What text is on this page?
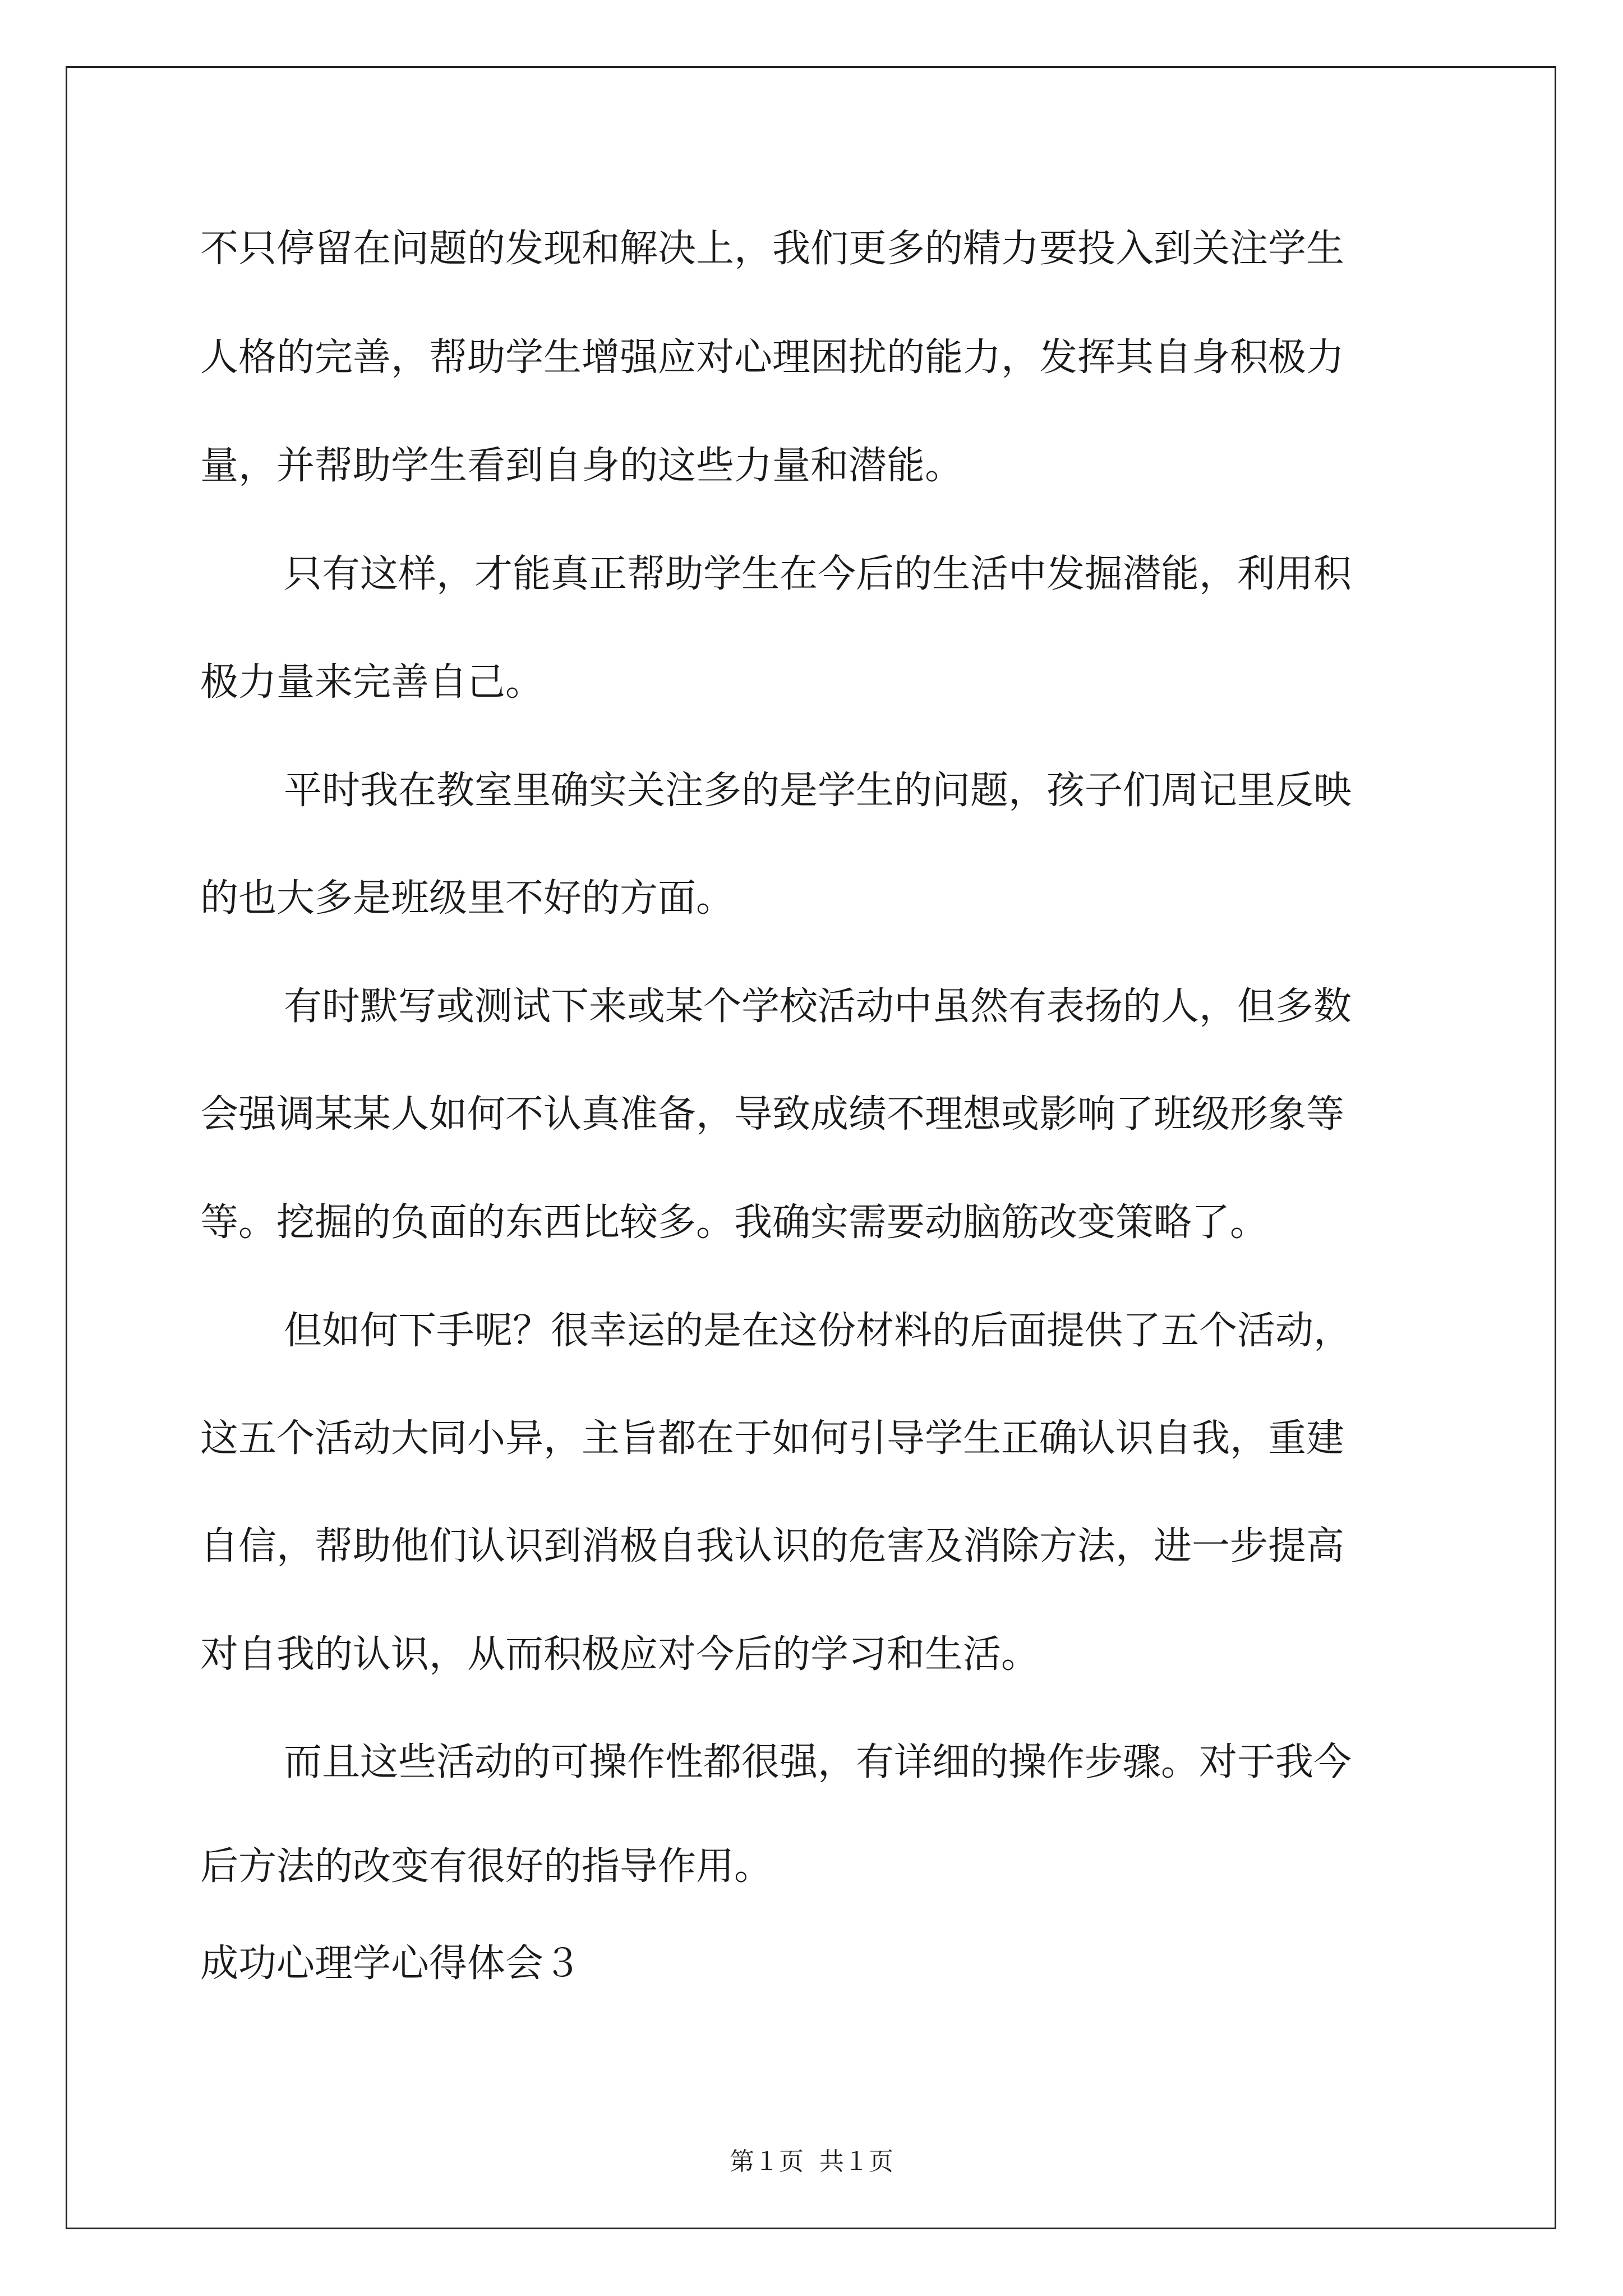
不只停留在问题的发现和解决上，我们更多的精力要投入到关注学生
人格的完善，帮助学生增强应对心理困扰的能力，发挥其自身积极力
量，并帮助学生看到自身的这些力量和潜能。
只有这样，才能真正帮助学生在今后的生活中发掘潜能，利用积
极力量来完善自己。
平时我在教室里确实关注多的是学生的问题，孩子们周记里反映
的也大多是班级里不好的方面。
有时默写或测试下来或某个学校活动中虽然有表扬的人，但多数
会强调某某人如何不认真准备，导致成绩不理想或影响了班级形象等
等。挖掘的负面的东西比较多。我确实需要动脑筋改变策略了。
但如何下手呢？很幸运的是在这份材料的后面提供了五个活动，
这五个活动大同小异，主旨都在于如何引导学生正确认识自我，重建
自信，帮助他们认识到消极自我认识的危害及消除方法，进一步提高
对自我的认识，从而积极应对今后的学习和生活。
而且这些活动的可操作性都很强，有详细的操作步骤。对于我今
后方法的改变有很好的指导作用。
成功心理学心得体会３
第１页 共１页
